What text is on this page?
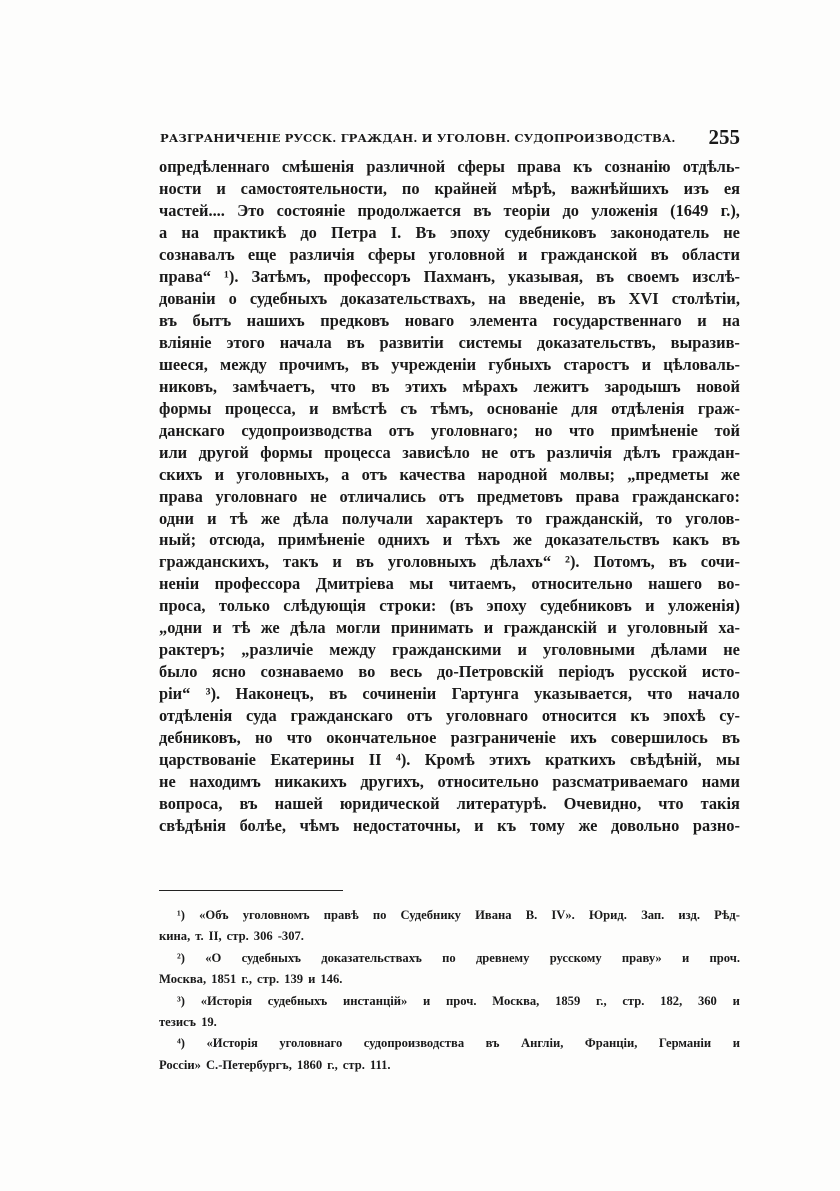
РАЗГРАНИЧЕНІЕ РУССК. ГРАЖДАН. И УГОЛОВН. СУДОПРОИЗВОДСТВА. 255
опредѣленнаго смѣшенія различной сферы права къ сознанію отдѣль-
ности и самостоятельности, по крайней мѣрѣ, важнѣйшихъ изъ ея
частей.... Это состояніе продолжается въ теоріи до уложенія (1649 г.),
а на практикѣ до Петра I. Въ эпоху судебниковъ законодатель не
сознавалъ еще различія сферы уголовной и гражданской въ области
права“ ¹). Затѣмъ, профессоръ Пахманъ, указывая, въ своемъ изслѣ-
дованіи о судебныхъ доказательствахъ, на введеніе, въ XVI столѣтіи,
въ бытъ нашихъ предковъ новаго элемента государственнаго и на
вліяніе этого начала въ развитіи системы доказательствъ, выразив-
шееся, между прочимъ, въ учрежденіи губныхъ старостъ и цѣловаль-
никовъ, замѣчаетъ, что въ этихъ мѣрахъ лежитъ зародышъ новой
формы процесса, и вмѣстѣ съ тѣмъ, основаніе для отдѣленія граж-
данскаго судопроизводства отъ уголовнаго; но что примѣненіе той
или другой формы процесса зависѣло не отъ различія дѣлъ граждан-
скихъ и уголовныхъ, а отъ качества народной молвы; „предметы же
права уголовнаго не отличались отъ предметовъ права гражданскаго:
одни и тѣ же дѣла получали характеръ то гражданскій, то уголов-
ный; отсюда, примѣненіе однихъ и тѣхъ же доказательствъ какъ въ
гражданскихъ, такъ и въ уголовныхъ дѣлахъ“ ²). Потомъ, въ сочи-
неніи профессора Дмитріева мы читаемъ, относительно нашего во-
проса, только слѣдующія строки: (въ эпоху судебниковъ и уложенія)
„одни и тѣ же дѣла могли принимать и гражданскій и уголовный ха-
рактеръ; „различіе между гражданскими и уголовными дѣлами не
было ясно сознаваемо во весь до-Петровскій періодъ русской исто-
ріи“ ³). Наконецъ, въ сочиненіи Гартунга указывается, что начало
отдѣленія суда гражданскаго отъ уголовнаго относится къ эпохѣ су-
дебниковъ, но что окончательное разграниченіе ихъ совершилось въ
царствованіе Екатерины II ⁴). Кромѣ этихъ краткихъ свѣдѣній, мы
не находимъ никакихъ другихъ, относительно разсматриваемаго нами
вопроса, въ нашей юридической литературѣ. Очевидно, что такія
свѣдѣнія болѣе, чѣмъ недостаточны, и къ тому же довольно разно-
¹) «Объ уголовномъ правѣ по Судебнику Ивана В. IV». Юрид. Зап. изд. Рѣд-
кина, т. II, стр. 306 -307.
²) «О судебныхъ доказательствахъ по древнему русскому праву» и проч.
Москва, 1851 г., стр. 139 и 146.
³) «Исторія судебныхъ инстанцій» и проч. Москва, 1859 г., стр. 182, 360 и
тезисъ 19.
⁴) «Исторія уголовнаго судопроизводства въ Англіи, Франціи, Германіи и
Россіи» С.-Петербургъ, 1860 г., стр. 111.
